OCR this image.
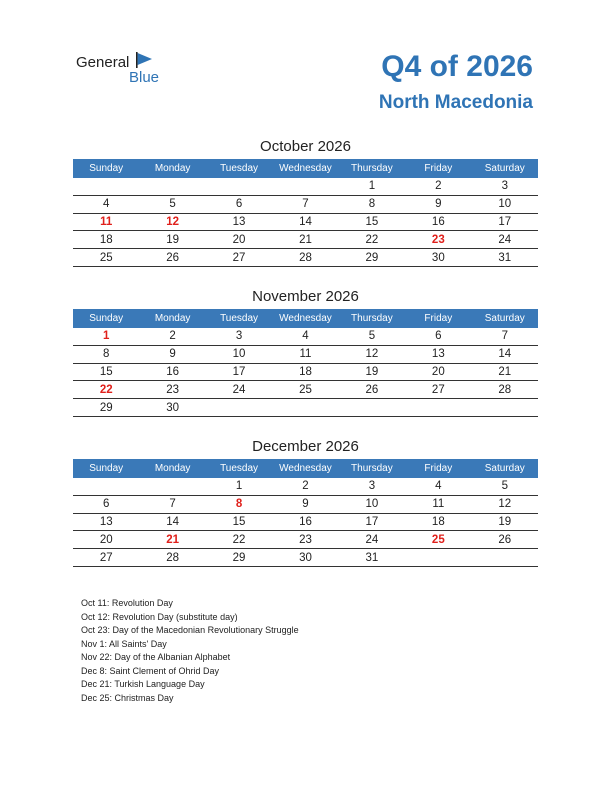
General
Blue	Q4 of 2026
North Macedonia
October 2026
Sunday	Monday	Tuesday	Wednesday	Thursday	Friday	Saturday
				1	2	3
4	5	6	7	8	9	10
11	12	13	14	15	16	17
18	19	20	21	22	23	24
25	26	27	28	29	30	31
November 2026
Sunday	Monday	Tuesday	Wednesday	Thursday	Friday	Saturday
1	2	3	4	5	6	7
8	9	10	11	12	13	14
15	16	17	18	19	20	21
22	23	24	25	26	27	28
29	30					
December 2026
Sunday	Monday	Tuesday	Wednesday	Thursday	Friday	Saturday
		1	2	3	4	5
6	7	8	9	10	11	12
13	14	15	16	17	18	19
20	21	22	23	24	25	26
27	28	29	30	31		
Oct 11: Revolution Day
Oct 12: Revolution Day (substitute day)
Oct 23: Day of the Macedonian Revolutionary Struggle
Nov 1: All Saints' Day
Nov 22: Day of the Albanian Alphabet
Dec 8: Saint Clement of Ohrid Day
Dec 21: Turkish Language Day
Dec 25: Christmas Day
